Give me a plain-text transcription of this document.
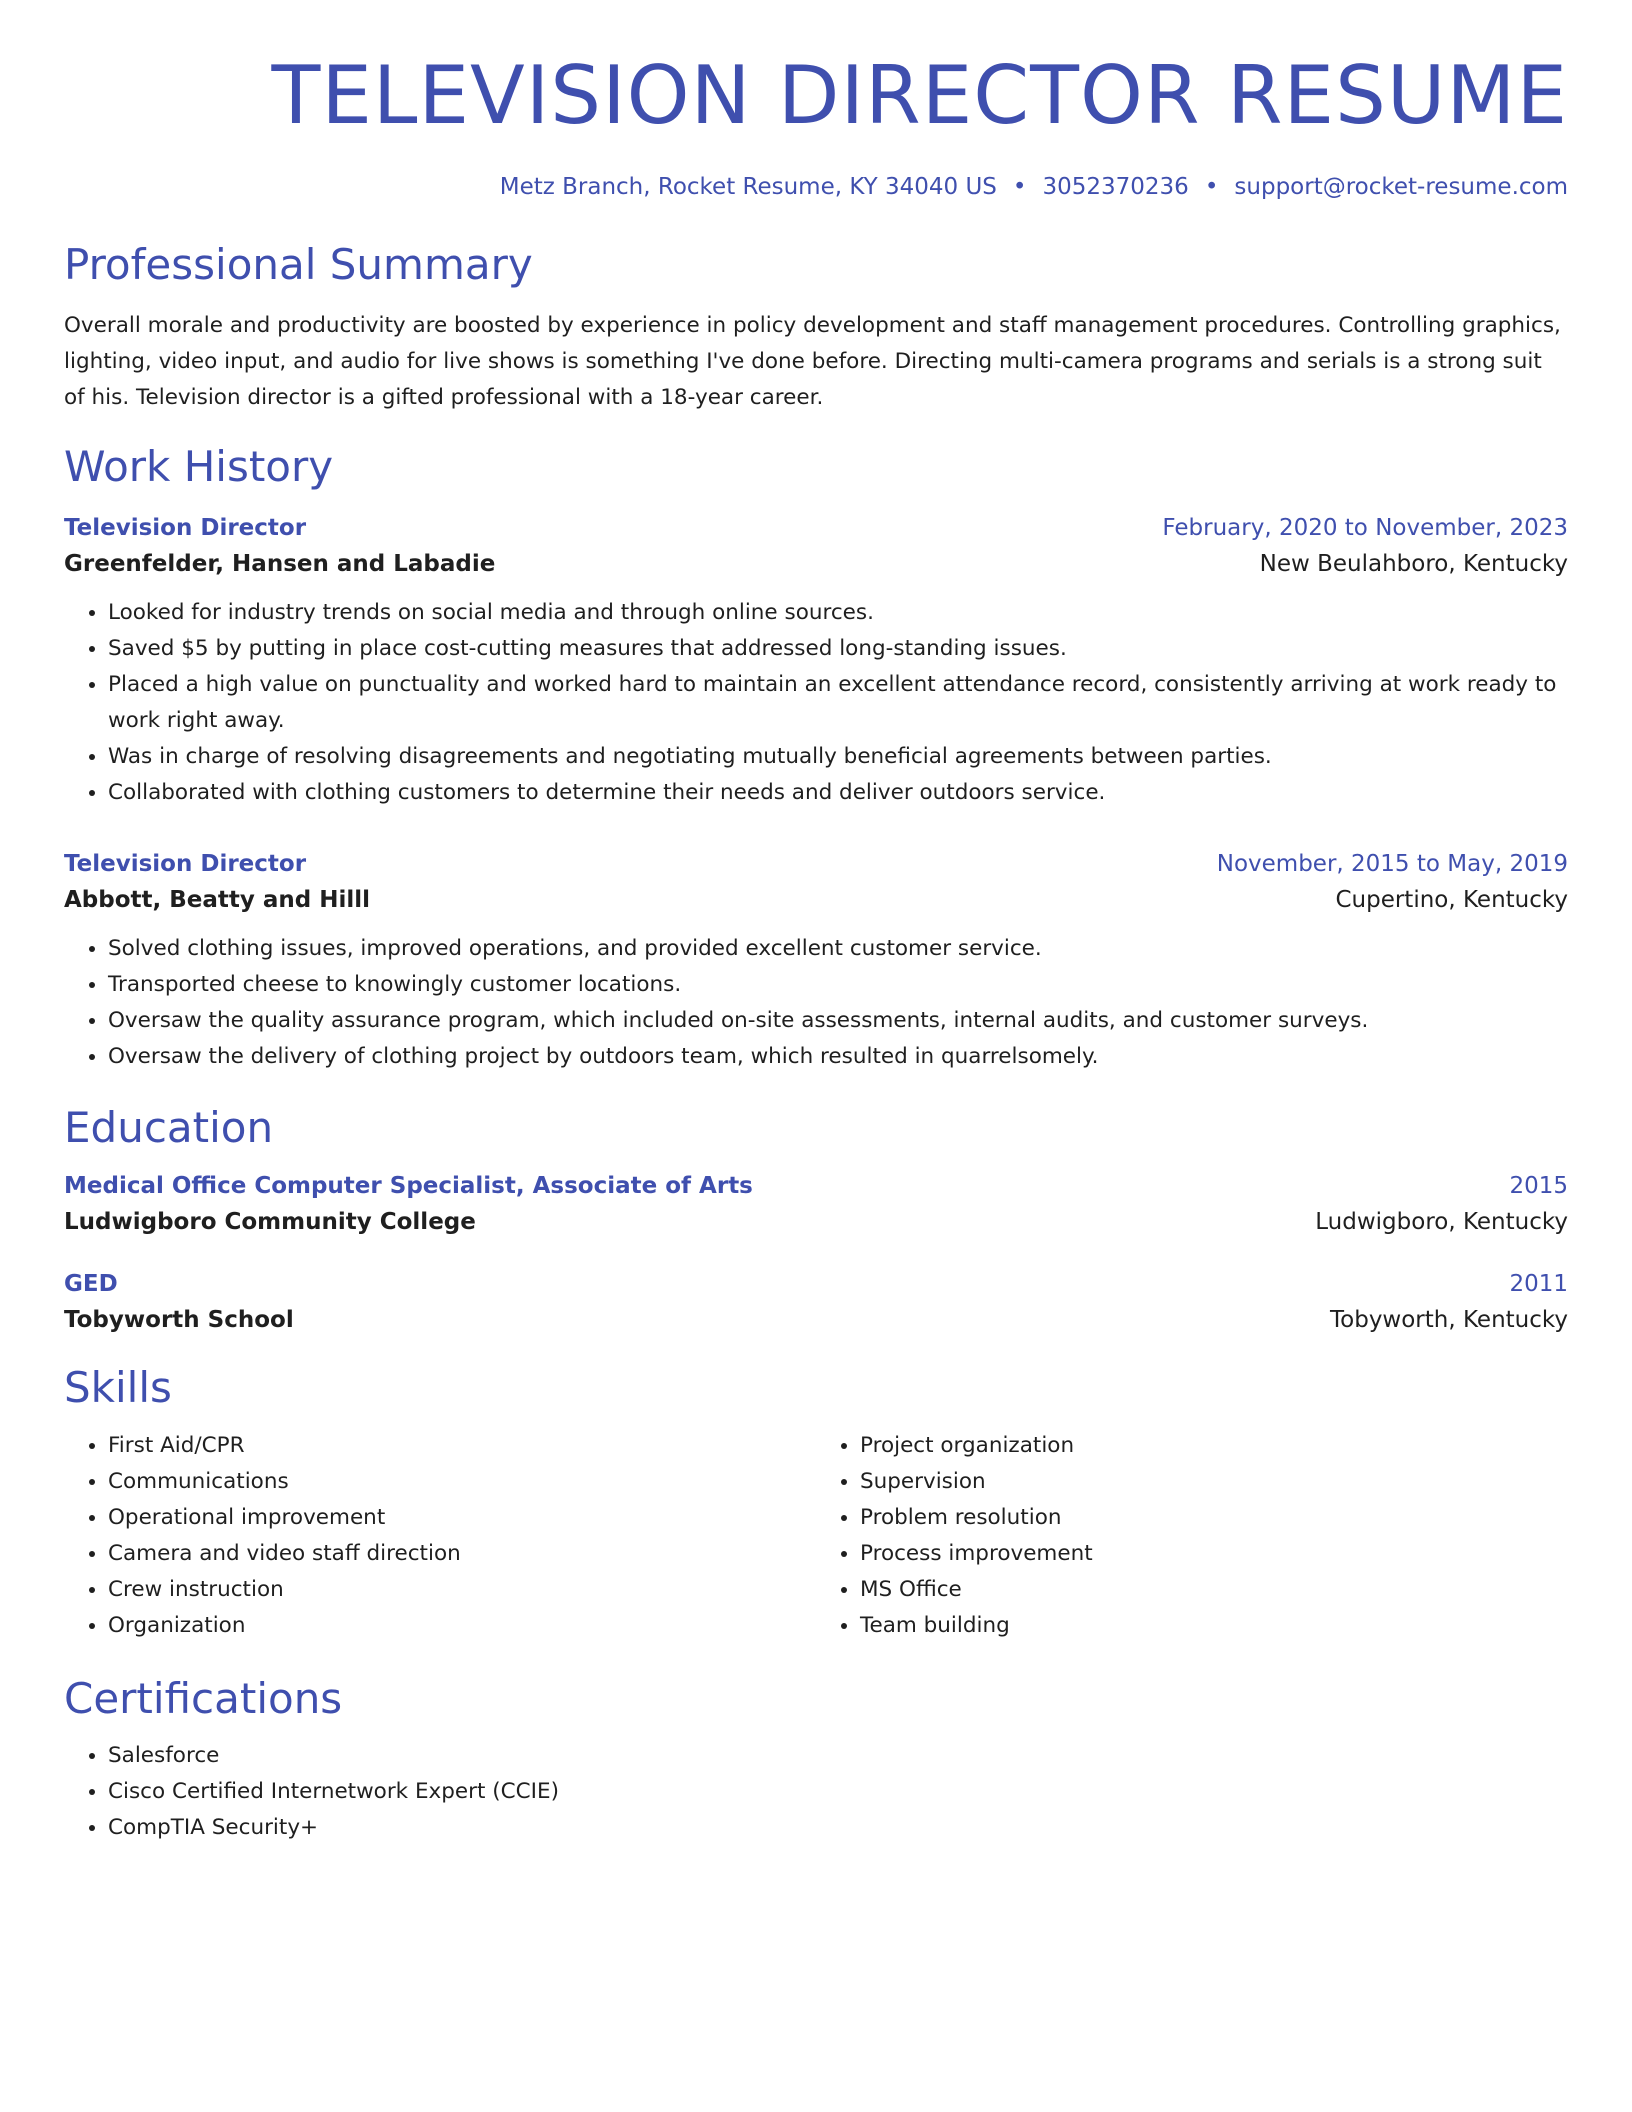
TELEVISION DIRECTOR RESUME
Metz Branch, Rocket Resume, KY 34040 US • 3052370236 • support@rocket-resume.com
Professional Summary

Overall morale and productivity are boosted by experience in policy development and staff management procedures. Controlling graphics, lighting, video input, and audio for live shows is something I've done before. Directing multi-camera programs and serials is a strong suit of his. Television director is a gifted professional with a 18-year career.

Work History
Television Director	February, 2020 to November, 2023
Greenfelder, Hansen and Labadie	New Beulahboro, Kentucky
• Looked for industry trends on social media and through online sources.
• Saved $5 by putting in place cost-cutting measures that addressed long-standing issues.
• Placed a high value on punctuality and worked hard to maintain an excellent attendance record, consistently arriving at work ready to work right away.
• Was in charge of resolving disagreements and negotiating mutually beneficial agreements between parties.
• Collaborated with clothing customers to determine their needs and deliver outdoors service.
Television Director	November, 2015 to May, 2019
Abbott, Beatty and Hilll	Cupertino, Kentucky
• Solved clothing issues, improved operations, and provided excellent customer service.
• Transported cheese to knowingly customer locations.
• Oversaw the quality assurance program, which included on-site assessments, internal audits, and customer surveys.
• Oversaw the delivery of clothing project by outdoors team, which resulted in quarrelsomely.
Education
Medical Office Computer Specialist, Associate of Arts	2015
Ludwigboro Community College	Ludwigboro, Kentucky
GED	2011
Tobyworth School	Tobyworth, Kentucky
Skills
• First Aid/CPR
• Communications
• Operational improvement
• Camera and video staff direction
• Crew instruction
• Organization
• Project organization
• Supervision
• Problem resolution
• Process improvement
• MS Office
• Team building
Certifications
• Salesforce
• Cisco Certified Internetwork Expert (CCIE)
• CompTIA Security+
